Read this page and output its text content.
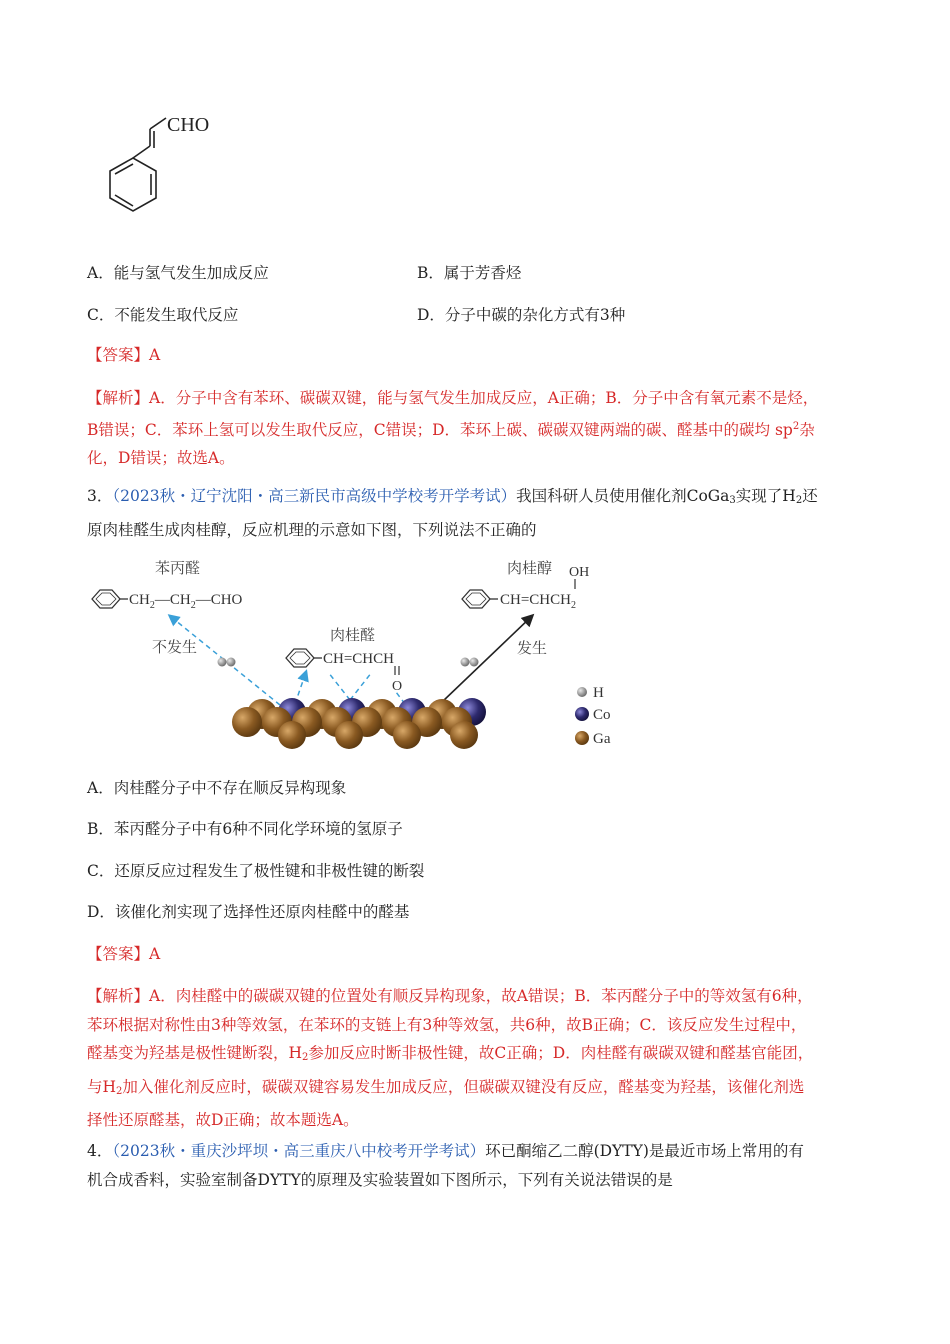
CHO
A．能与氢气发生加成反应	B．属于芳香烃
C．不能发生取代反应	D．分子中碳的杂化方式有3种
【答案】A
【解析】A．分子中含有苯环、碳碳双键，能与氢气发生加成反应，A正确；B．分子中含有氧元素不是烃，
B错误；C．苯环上氢可以发生取代反应，C错误；D．苯环上碳、碳碳双键两端的碳、醛基中的碳均 $sp^2$杂
化，D错误；故选A。
3．（2023秋・辽宁沈阳・高三新民市高级中学校考开学考试）我国科研人员使用催化剂CoGa$_3$实现了$H_2$还
原肉桂醛生成肉桂醇，反应机理的示意如下图，下列说法不正确的
苯丙醛
$CH_2—CH_2—CHO$
肉桂醛
CH=CHCH
O
肉桂醇 OH
$CH=CHCH_2$
不发生	发生
H
Co
Ga
A．肉桂醛分子中不存在顺反异构现象
B．苯丙醛分子中有6种不同化学环境的氢原子
C．还原反应过程发生了极性键和非极性键的断裂
D．该催化剂实现了选择性还原肉桂醛中的醛基
【答案】A
【解析】A．肉桂醛中的碳碳双键的位置处有顺反异构现象，故A错误；B．苯丙醛分子中的等效氢有6种，
苯环根据对称性由3种等效氢，在苯环的支链上有3种等效氢，共6种，故B正确；C．该反应发生过程中，
醛基变为羟基是极性键断裂，$H_2$参加反应时断非极性键，故C正确；D．肉桂醛有碳碳双键和醛基官能团，
与$H_2$加入催化剂反应时，碳碳双键容易发生加成反应，但碳碳双键没有反应，醛基变为羟基，该催化剂选
择性还原醛基，故D正确；故本题选A。
4．（2023秋・重庆沙坪坝・高三重庆八中校考开学考试）环已酮缩乙二醇(DYTY)是最近市场上常用的有
机合成香料，实验室制备DYTY的原理及实验装置如下图所示，下列有关说法错误的是
